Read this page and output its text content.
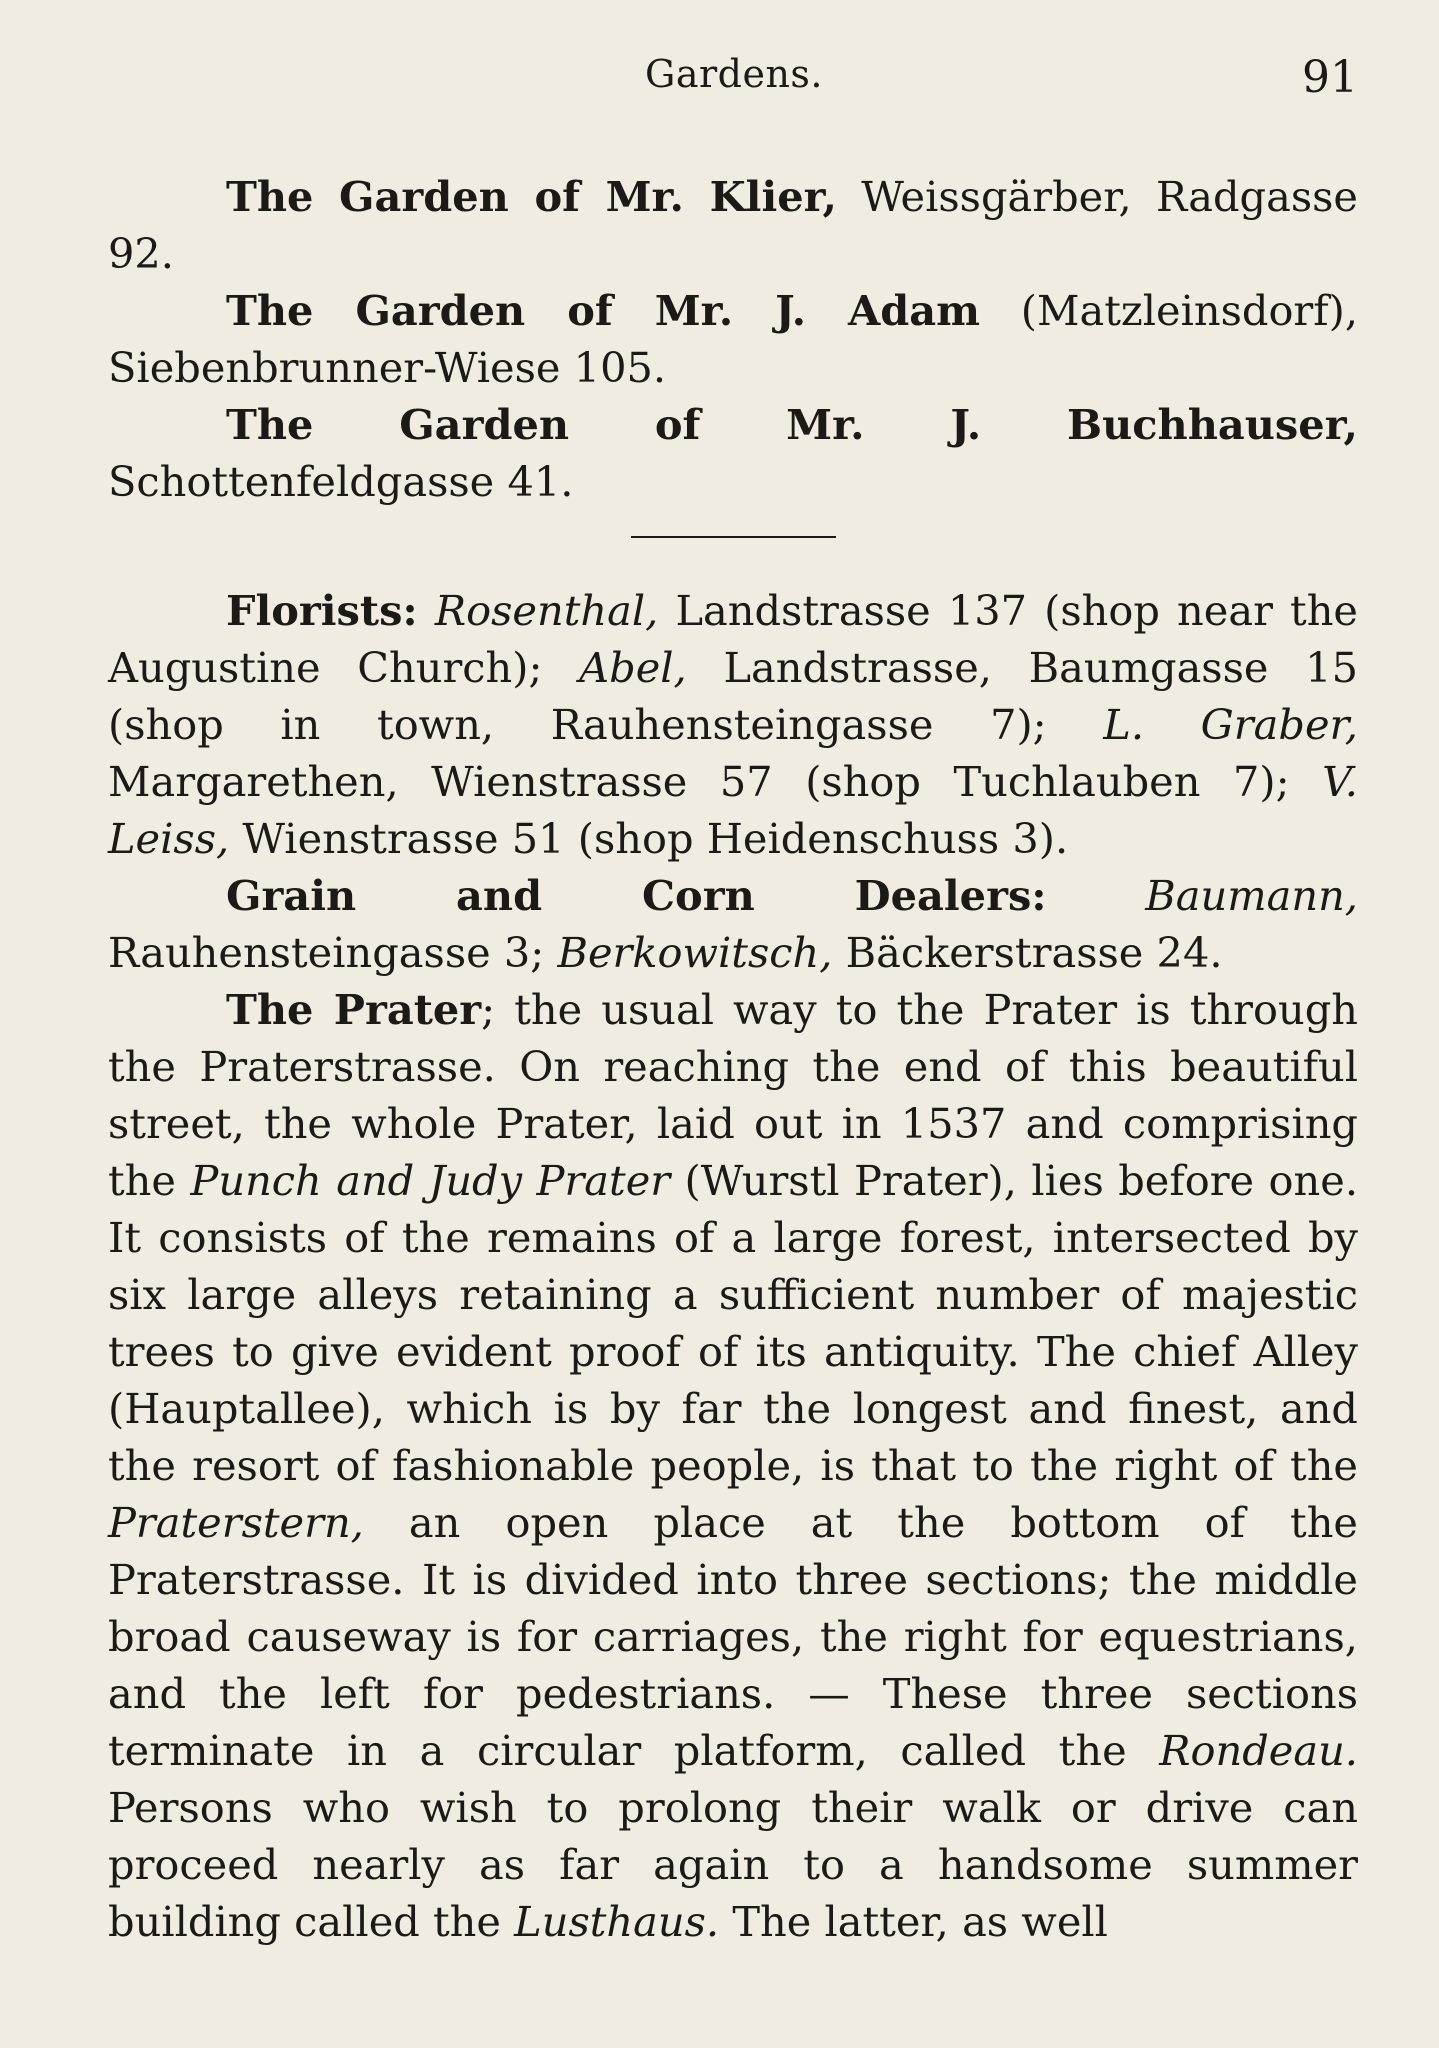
Gardens.	91

The Garden of Mr. Klier, Weissgärber, Radgasse 92.

The Garden of Mr. J. Adam (Matzleinsdorf), Siebenbrunner-Wiese 105.

The Garden of Mr. J. Buchhauser, Schottenfeldgasse 41.

Florists: Rosenthal, Landstrasse 137 (shop near the Augustine Church); Abel, Landstrasse, Baumgasse 15 (shop in town, Rauhensteingasse 7); L. Graber, Margarethen, Wienstrasse 57 (shop Tuchlauben 7); V. Leiss, Wienstrasse 51 (shop Heidenschuss 3).

Grain and Corn Dealers: Baumann, Rauhensteingasse 3; Berkowitsch, Bäckerstrasse 24.

The Prater; the usual way to the Prater is through the Praterstrasse. On reaching the end of this beautiful street, the whole Prater, laid out in 1537 and comprising the Punch and Judy Prater (Wurstl Prater), lies before one. It consists of the remains of a large forest, intersected by six large alleys retaining a sufficient number of majestic trees to give evident proof of its antiquity. The chief Alley (Hauptallee), which is by far the longest and finest, and the resort of fashionable people, is that to the right of the Praterstern, an open place at the bottom of the Praterstrasse. It is divided into three sections; the middle broad causeway is for carriages, the right for equestrians, and the left for pedestrians. — These three sections terminate in a circular platform, called the Rondeau. Persons who wish to prolong their walk or drive can proceed nearly as far again to a handsome summer building called the Lusthaus. The latter, as well
